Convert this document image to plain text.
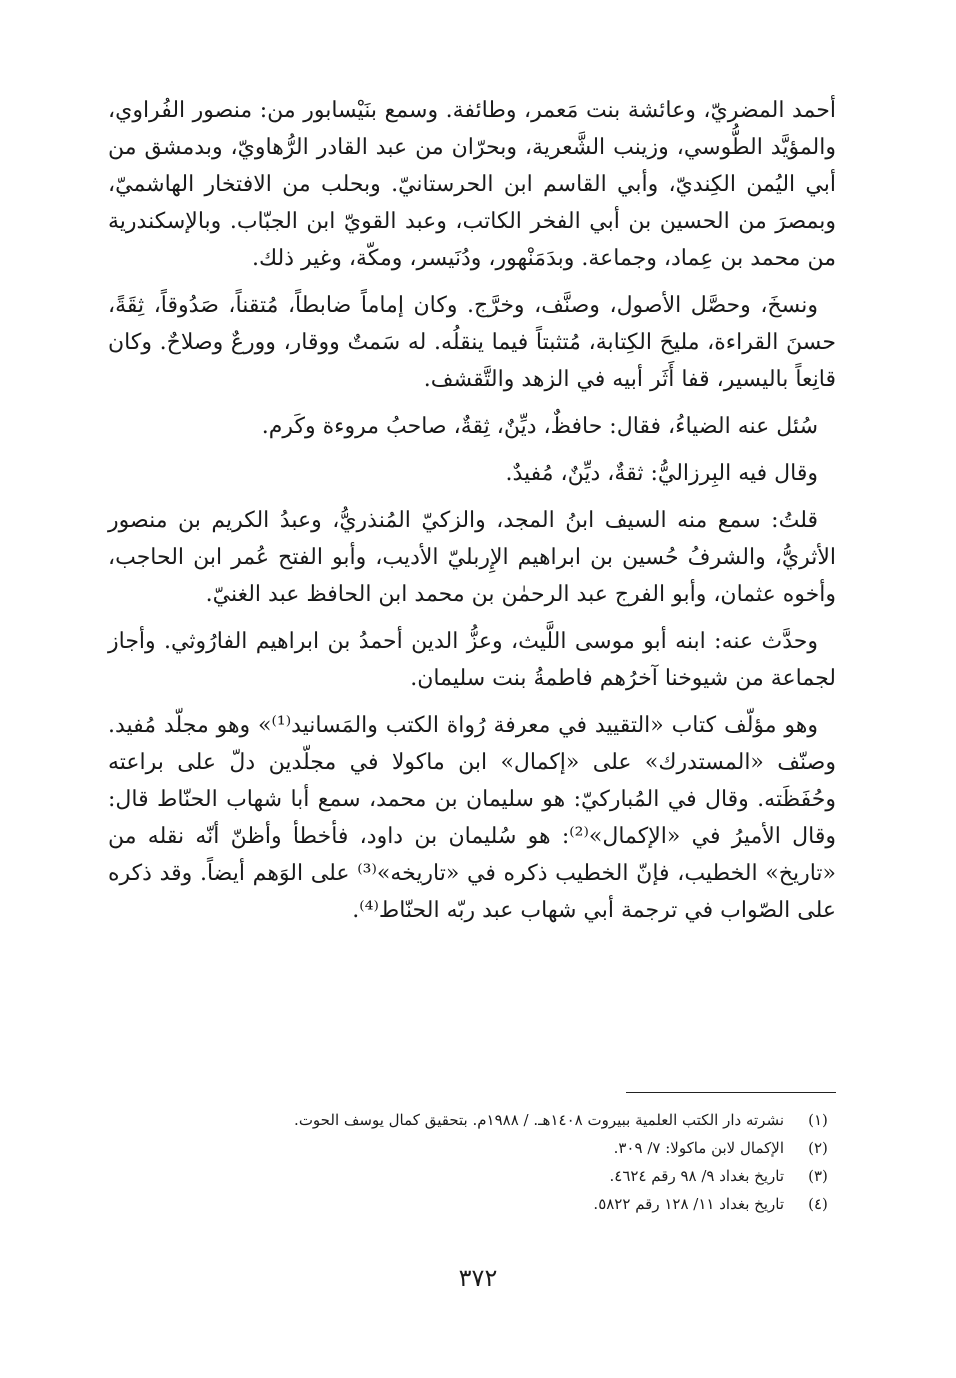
أحمد المضريّ، وعائشة بنت مَعمر، وطائفة. وسمع بنَيْسابور من: منصور الفُراوي، والمؤيَّد الطُّوسي، وزينب الشَّعرية، وبحرّان من عبد القادر الرُّهاويّ، وبدمشق من أبي اليُمن الكِنديّ، وأبي القاسم ابن الحرستانيّ. وبحلب من الافتخار الهاشميّ، وبمصرَ من الحسين بن أبي الفخر الكاتب، وعبد القويّ ابن الجبّاب. وبالإسكندرية من محمد بن عِماد، وجماعة. وبدَمَنْهور، ودُنَيسر، ومكّة، وغير ذلك.

ونسخَ، وحصَّل الأصول، وصنَّف، وخرَّج. وكان إماماً ضابطاً، مُتقناً، صَدُوقاً، ثِقَةً، حسنَ القراءة، مليحَ الكِتابة، مُتثبتاً فيما ينقلُه. له سَمتٌ ووقار، وورعٌ وصلاحٌ. وكان قانِعاً باليسير، قفا أَثَر أبيه في الزهد والتَّقشف.

سُئل عنه الضياءُ، فقال: حافظٌ، ديِّنٌ، ثِقةٌ، صاحبُ مروءة وكَرم.

وقال فيه البِرزاليُّ: ثقةٌ، ديِّنٌ، مُفيدٌ.

قلتُ: سمع منه السيف ابنُ المجد، والزكيّ المُنذريُّ، وعبدُ الكريم بن منصور الأثريُّ، والشرفُ حُسين بن ابراهيم الإِربليّ الأديب، وأبو الفتح عُمر ابن الحاجب، وأخوه عثمان، وأبو الفرج عبد الرحمٰن بن محمد ابن الحافظ عبد الغنيّ.

وحدَّث عنه: ابنه أبو موسى اللَّيث، وعزُّ الدين أحمدُ بن ابراهيم الفارُوثي. وأجاز لجماعة من شيوخنا آخرُهم فاطمةُ بنت سليمان.

وهو مؤلّف كتاب «التقييد في معرفة رُواة الكتب والمَسانيد⁽¹⁾» وهو مجلّد مُفيد. وصنّف «المستدرك» على «إكمال» ابن ماكولا في مجلّدين دلّ على براعته وحُفَظَته. وقال في المُباركيّ: هو سليمان بن محمد، سمع أبا شهاب الحنّاط قال: وقال الأميرُ في «الإكمال»⁽²⁾: هو سُليمان بن داود، فأخطأ وأظنّ أنّه نقله من «تاريخ» الخطيب، فإنّ الخطيب ذكره في «تاريخه»⁽³⁾ على الوَهم أيضاً. وقد ذكره على الصّواب في ترجمة أبي شهاب عبد ربّه الحنّاط⁽⁴⁾.

(١)
نشرته دار الكتب العلمية ببيروت ١٤٠٨هـ. / ١٩٨٨م. بتحقيق كمال يوسف الحوت.
(٢)
الإكمال لابن ماكولا: ٧/ ٣٠٩.
(٣)
تاريخ بغداد ٩/ ٩٨ رقم ٤٦٢٤.
(٤)
تاريخ بغداد ١١/ ١٢٨ رقم ٥٨٢٢.
٣٧٢
